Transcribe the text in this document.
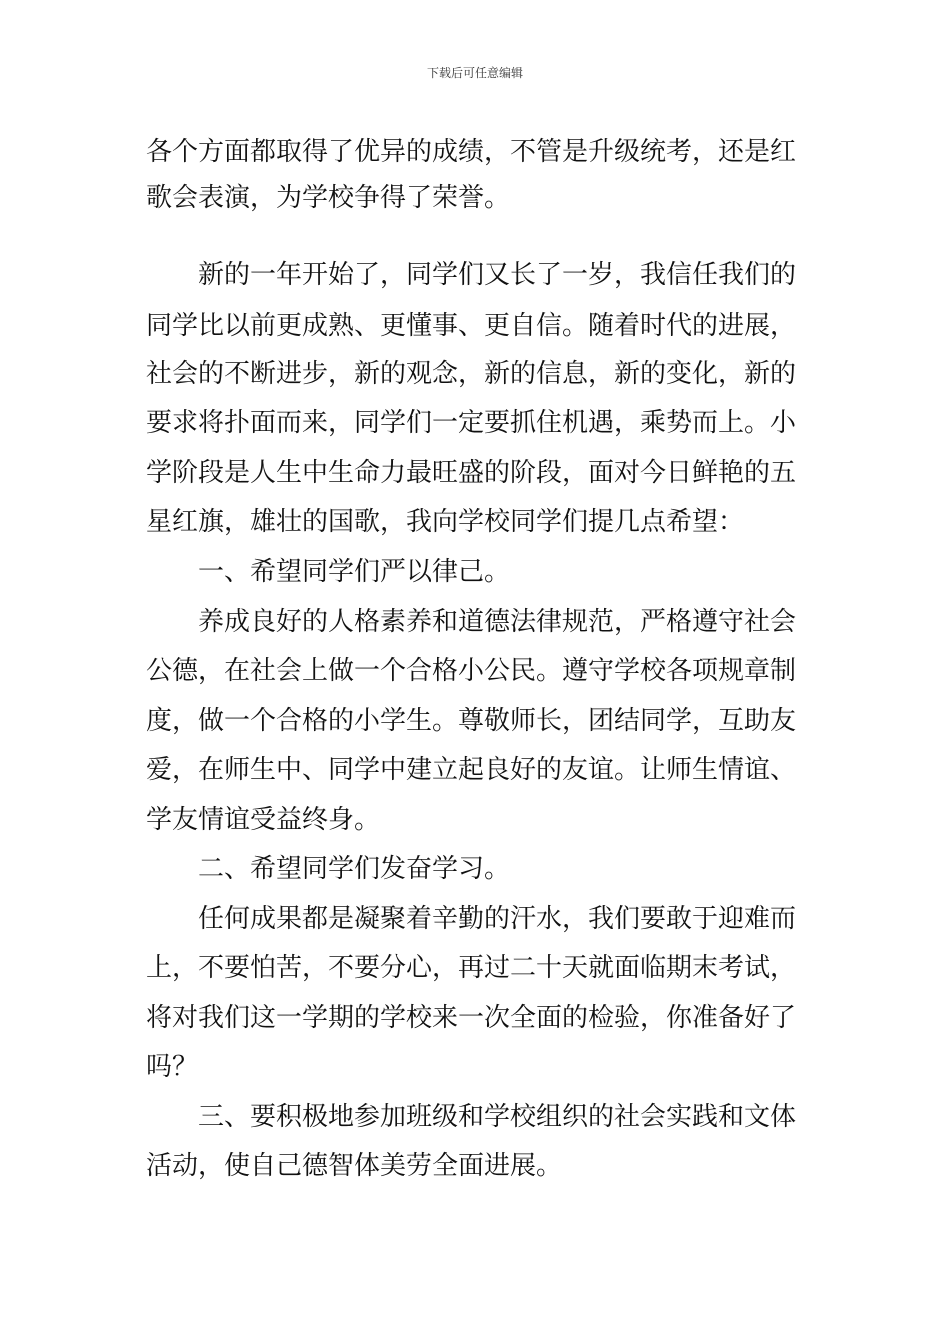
下载后可任意编辑
各个方面都取得了优异的成绩，不管是升级统考，还是红
歌会表演，为学校争得了荣誉。
新的一年开始了，同学们又长了一岁，我信任我们的
同学比以前更成熟、更懂事、更自信。随着时代的进展，
社会的不断进步，新的观念，新的信息，新的变化，新的
要求将扑面而来，同学们一定要抓住机遇，乘势而上。小
学阶段是人生中生命力最旺盛的阶段，面对今日鲜艳的五
星红旗，雄壮的国歌，我向学校同学们提几点希望：
一、希望同学们严以律己。
养成良好的人格素养和道德法律规范，严格遵守社会
公德，在社会上做一个合格小公民。遵守学校各项规章制
度，做一个合格的小学生。尊敬师长，团结同学，互助友
爱，在师生中、同学中建立起良好的友谊。让师生情谊、
学友情谊受益终身。
二、希望同学们发奋学习。
任何成果都是凝聚着辛勤的汗水，我们要敢于迎难而
上，不要怕苦，不要分心，再过二十天就面临期末考试，
将对我们这一学期的学校来一次全面的检验，你准备好了
吗？
三、要积极地参加班级和学校组织的社会实践和文体
活动，使自己德智体美劳全面进展。
